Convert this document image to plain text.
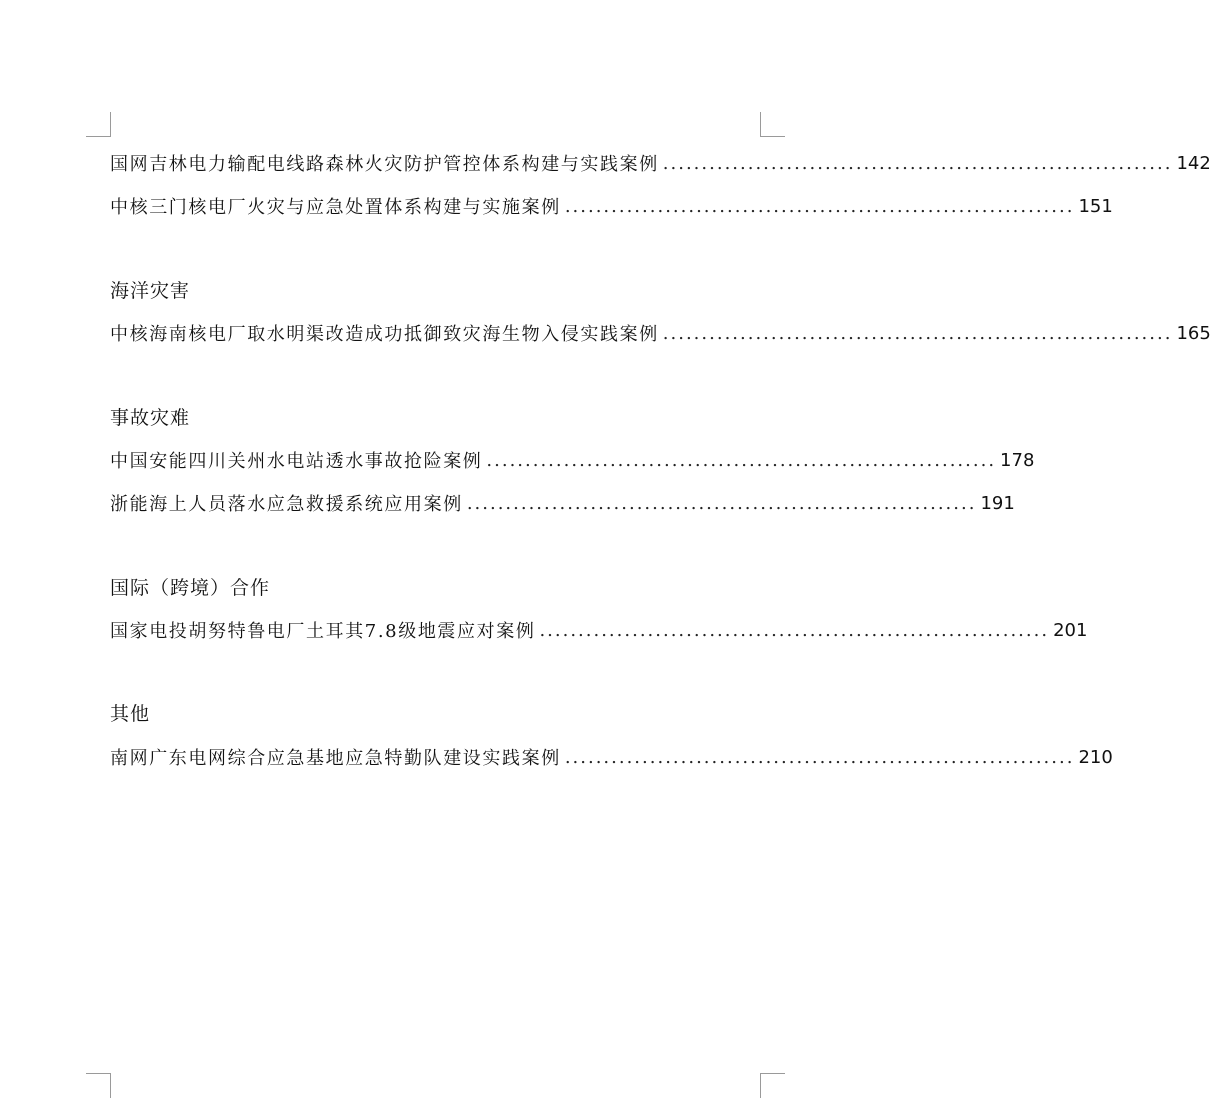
国网吉林电力输配电线路森林火灾防护管控体系构建与实践案例 .................................................................. 142
中核三门核电厂火灾与应急处置体系构建与实施案例 .................................................................. 151
海洋灾害
中核海南核电厂取水明渠改造成功抵御致灾海生物入侵实践案例 .................................................................. 165
事故灾难
中国安能四川关州水电站透水事故抢险案例 .................................................................. 178
浙能海上人员落水应急救援系统应用案例 .................................................................. 191
国际（跨境）合作
国家电投胡努特鲁电厂土耳其7.8级地震应对案例 .................................................................. 201
其他
南网广东电网综合应急基地应急特勤队建设实践案例 .................................................................. 210
